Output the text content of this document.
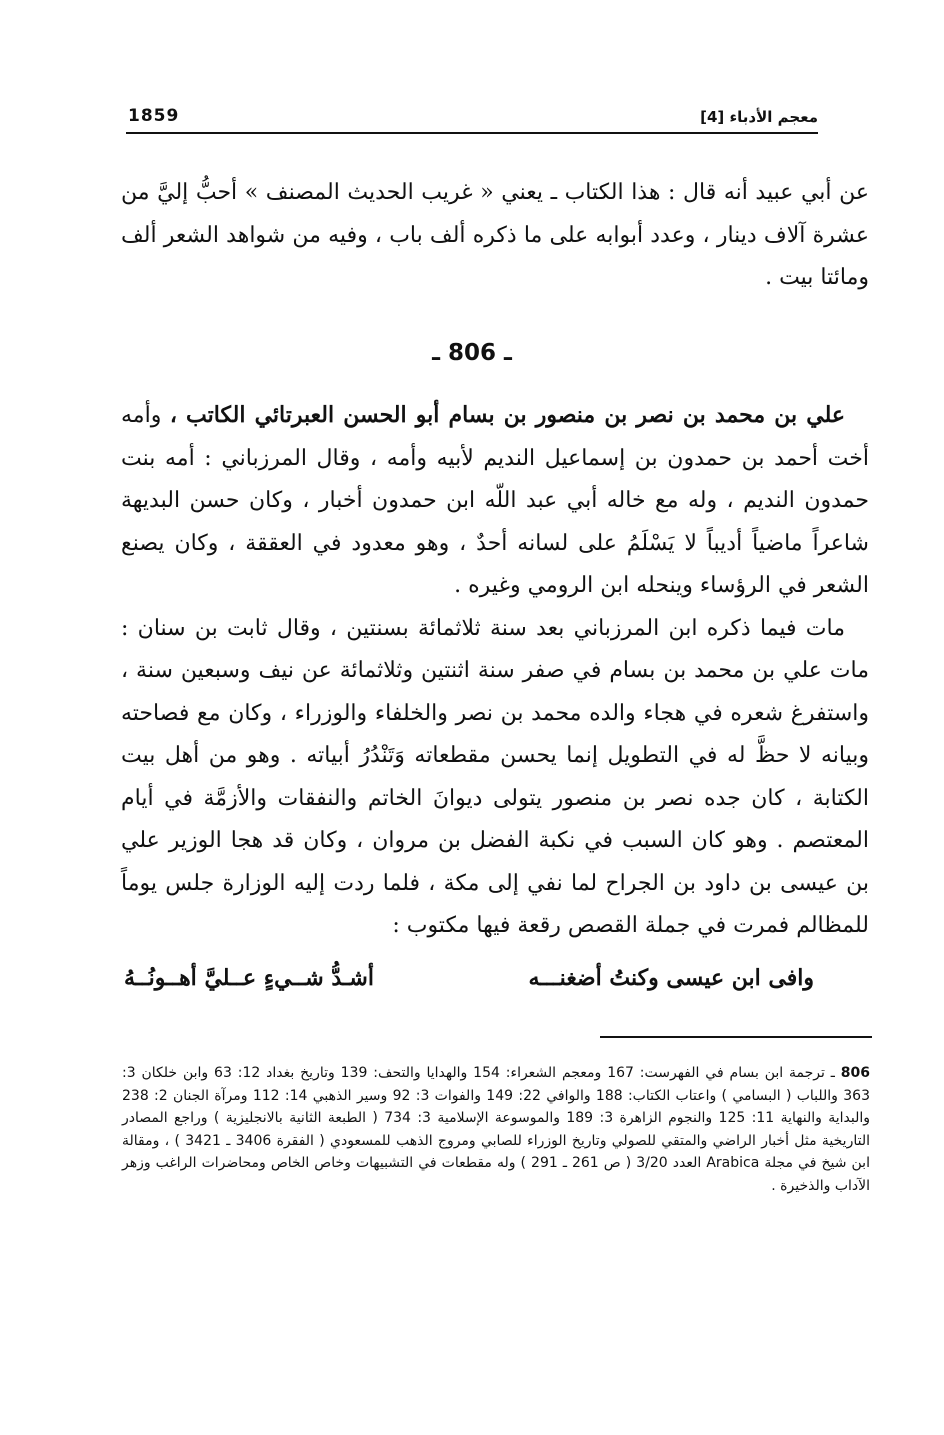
1859	معجم الأدباء [4]

عن أبي عبيد أنه قال : هذا الكتاب ـ يعني « غريب الحديث المصنف » أحبُّ إليَّ من عشرة آلاف دينار ، وعدد أبوابه على ما ذكره ألف باب ، وفيه من شواهد الشعر ألف ومائتا بيت .

ـ 806 ـ

علي بن محمد بن نصر بن منصور بن بسام أبو الحسن العبرتائي الكاتب ، وأمه أخت أحمد بن حمدون بن إسماعيل النديم لأبيه وأمه ، وقال المرزباني : أمه بنت حمدون النديم ، وله مع خاله أبي عبد اللّه ابن حمدون أخبار ، وكان حسن البديهة شاعراً ماضياً أديباً لا يَسْلَمُ على لسانه أحدٌ ، وهو معدود في العققة ، وكان يصنع الشعر في الرؤساء وينحله ابن الرومي وغيره .

مات فيما ذكره ابن المرزباني بعد سنة ثلاثمائة بسنتين ، وقال ثابت بن سنان : مات علي بن محمد بن بسام في صفر سنة اثنتين وثلاثمائة عن نيف وسبعين سنة ، واستفرغ شعره في هجاء والده محمد بن نصر والخلفاء والوزراء ، وكان مع فصاحته وبيانه لا حظَّ له في التطويل إنما يحسن مقطعاته وَتَنْدُرُ أبياته . وهو من أهل بيت الكتابة ، كان جده نصر بن منصور يتولى ديوانَ الخاتم والنفقات والأزمَّة في أيام المعتصم . وهو كان السبب في نكبة الفضل بن مروان ، وكان قد هجا الوزير علي بن عيسى بن داود بن الجراح لما نفي إلى مكة ، فلما ردت إليه الوزارة جلس يوماً للمظالم فمرت في جملة القصص رقعة فيها مكتوب :

وافى ابن عيسى وكنتُ أضغنـــه
أشـدُّ شــيءٍ عــليَّ أهــونُــهُ
806 ـ ترجمة ابن بسام في الفهرست: 167 ومعجم الشعراء: 154 والهدايا والتحف: 139 وتاريخ بغداد 12: 63 وابن خلكان 3: 363 واللباب ( البسامي ) واعتاب الكتاب: 188 والوافي 22: 149 والفوات 3: 92 وسير الذهبي 14: 112 ومرآة الجنان 2: 238 والبداية والنهاية 11: 125 والنجوم الزاهرة 3: 189 والموسوعة الإسلامية 3: 734 ( الطبعة الثانية بالانجليزية ) وراجع المصادر التاريخية مثل أخبار الراضي والمتقي للصولي وتاريخ الوزراء للصابي ومروج الذهب للمسعودي ( الفقرة 3406 ـ 3421 ) ، ومقالة ابن شيخ في مجلة Arabica العدد 3/20 ( ص 261 ـ 291 ) وله مقطعات في التشبيهات وخاص الخاص ومحاضرات الراغب وزهر الآداب والذخيرة .
